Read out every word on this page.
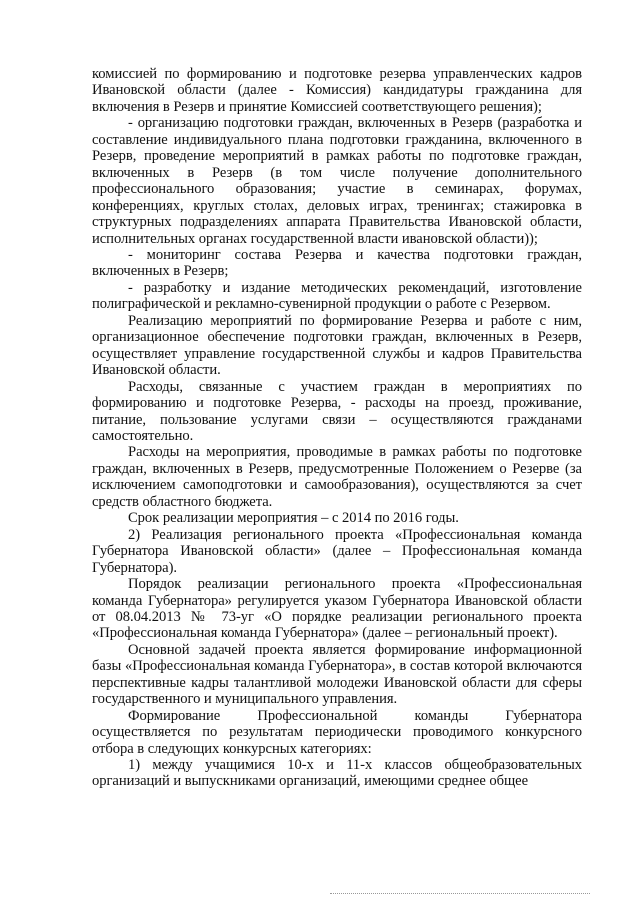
комиссией по формированию и подготовке резерва управленческих кадров Ивановской области (далее - Комиссия) кандидатуры гражданина для включения в Резерв и принятие Комиссией соответствующего решения);

- организацию подготовки граждан, включенных в Резерв (разработка и составление индивидуального плана подготовки гражданина, включенного в Резерв, проведение мероприятий в рамках работы по подготовке граждан, включенных в Резерв (в том числе получение дополнительного профессионального образования; участие в семинарах, форумах, конференциях, круглых столах, деловых играх, тренингах; стажировка в структурных подразделениях аппарата Правительства Ивановской области, исполнительных органах государственной власти ивановской области));

- мониторинг состава Резерва и качества подготовки граждан, включенных в Резерв;

- разработку и издание методических рекомендаций, изготовление полиграфической и рекламно-сувенирной продукции о работе с Резервом.

Реализацию мероприятий по формирование Резерва и работе с ним, организационное обеспечение подготовки граждан, включенных в Резерв, осуществляет управление государственной службы и кадров Правительства Ивановской области.

Расходы, связанные с участием граждан в мероприятиях по формированию и подготовке Резерва, - расходы на проезд, проживание, питание, пользование услугами связи – осуществляются гражданами самостоятельно.

Расходы на мероприятия, проводимые в рамках работы по подготовке граждан, включенных в Резерв, предусмотренные Положением о Резерве (за исключением самоподготовки и самообразования), осуществляются за счет средств областного бюджета.

Срок реализации мероприятия – с 2014 по 2016 годы.

2) Реализация регионального проекта «Профессиональная команда Губернатора Ивановской области» (далее – Профессиональная команда Губернатора).

Порядок реализации регионального проекта «Профессиональная команда Губернатора» регулируется указом Губернатора Ивановской области от 08.04.2013 № 73-уг «О порядке реализации регионального проекта «Профессиональная команда Губернатора» (далее – региональный проект).

Основной задачей проекта является формирование информационной базы «Профессиональная команда Губернатора», в состав которой включаются перспективные кадры талантливой молодежи Ивановской области для сферы государственного и муниципального управления.

Формирование Профессиональной команды Губернатора осуществляется по результатам периодически проводимого конкурсного отбора в следующих конкурсных категориях:

1) между учащимися 10-х и 11-х классов общеобразовательных организаций и выпускниками организаций, имеющими среднее общее
